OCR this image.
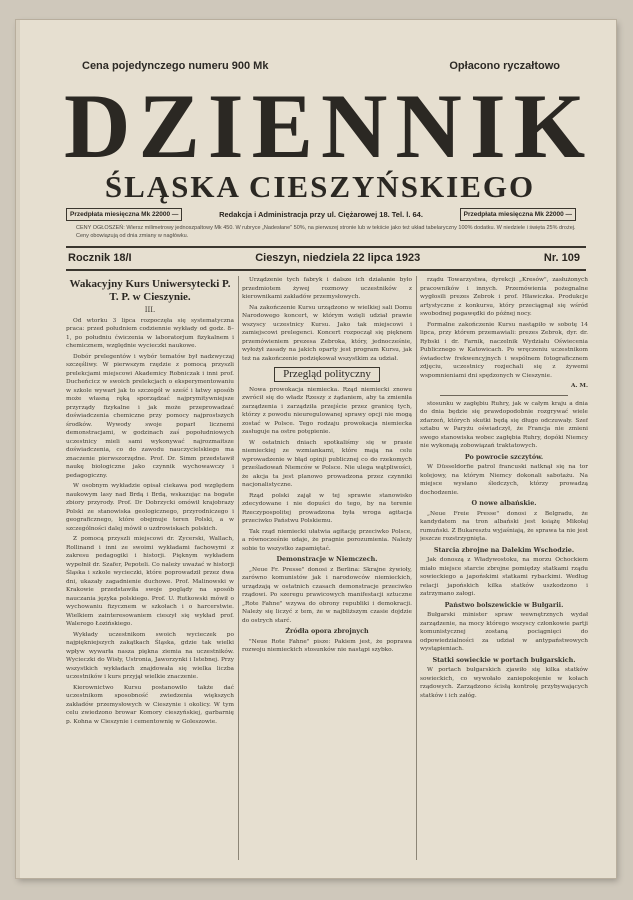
Cena pojedynczego numeru 900 Mk	Opłacono ryczałtowo
DZIENNIK
ŚLĄSKA CIESZYŃSKIEGO
Przedpłata miesięczna Mk 22000 —	Redakcja i Administracja przy ul. Ciężarowej 18. Tel. l. 64.	Przedpłata miesięczna Mk 22000 —
CENY OGŁOSZEŃ: Wiersz milimetrowy jednoszpaltowy Mk 450. W rubryce „Nadesłane" 50%, na pierwszej stronie lub w tekście jako też układ tabelaryczny 100% dodatku. W niedziele i święta 25% drożej. Ceny obowiązują od dnia zmiany w nagłówku.
Rocznik 18/I	Cieszyn, niedziela 22 lipca 1923	Nr. 109
Wakacyjny Kurs Uniwersytecki P. T. P. w Cieszynie.

III.

Od wtorku 3 lipca rozpoczęła się systematyczna praca: przed południem codziennie wykłady od godz. 8–1, po południu ćwiczenia w laboratorjum fizykalnem i chemicznem, względnie wycieczki naukowe.

Dobór prelegentów i wybór tematów był nadzwyczaj szczęśliwy. W pierwszym rzędzie z pomocą przyszli prelekcjami miejscowi Akademicy Robniczak i inni prof. Ducheńcicz w swoich prelekcjach o eksperymentowaniu w szkole wywarł jak to szczegół w sześć i łatwy sposób może własną ręką sporządzać najprymitywniejsze przyrządy fizykalne i jak może przeprowadzać doświadczenia chemiczne przy pomocy najprostszych środków. Wywody swoje poparł licznemi demonstracjami, w godzinach zaś popołudniowych uczestnicy mieli sami wykonywać najrozmaitsze doświadczenia, co do zawodu nauczycielskiego ma znaczenie pierwszorzędne. Prof. Dr. Simm przedstawił naukę biologiczne jako czynnik wychowawczy i pedagogiczny.

W osobnym wykładzie opisał ciekawa pod względem naukowym lasy nad Brdą i Brdą, wskazując na bogate zbiory przyrody. Prof. Dr Dobrzycki omówił krajobrazy Polski ze stanowiska geologicznego, przyrodniczego i geograficznego, które obejmuje teren Polski, a w szczególności dalej mówił o uzdrowiskach polskich.

Z pomocą przyszli miejscowi dr. Zycerski, Wallach, Rollinand i inni ze swoimi wykładami fachowymi z zakresu pedagogiki i historji. Pięknym wykładem wypełnił dr. Szafer, Pepoteli. Co należy uważać w historji Śląska i szkole wycieczki, które poprowadził przez dwa dni, ukazały zagadnienie duchowe. Prof. Malinowski w Krakowie przedstawiła swoje poglądy na sposób nauczania języka polskiego. Prof. U. Rutkowski mówił o wychowaniu fizycznem w szkołach i o harcerstwie. Wielkiem zainteresowaniem cieszył się wykład prof. Walerego Łozińskiego.

Wykłady uczestnikom swoich wycieczek po najpiękniejszych zakątkach Śląska, gdzie tak wielki wpływ wywarła nasza piękna ziemia na uczestników. Wycieczki do Wisły, Ustronia, Jaworzynki i Istebnej. Przy wszystkich wykładach znajdowała się wielka liczba uczestników i kurs przyjął wielkie znaczenie.

Kierownictwo Kursu postanowiło także dać uczestnikom sposobność zwiedzenia większych zakładów przemysłowych w Cieszynie i okolicy. W tym celu zwiedzono browar Komory cieszyńskiej, garbarnię p. Kohna w Cieszynie i cementownię w Goleszowie.

Urządzenie tych fabryk i dalsze ich działanie było przedmiotem żywej rozmowy uczestników z kierownikami zakładów przemysłowych.

Na zakończenie Kursu urządzono w wielkiej sali Domu Narodowego koncert, w którym wzięli udział prawie wszyscy uczestnicy Kursu. Jako tak miejscowi i zamiejscowi prelegenci. Koncert rozpoczął się pięknem przemówieniem prezesa Zebroka, który, jednocześnie, wyłożył zasady na jakich oparty jest program Kursu, jak też na zakończenie podziękował wszystkim za udział.

Przegląd polityczny

Nowa prowokacja niemiecka. Rząd niemiecki znowu zwrócił się do władz Rzeszy z żądaniem, aby ta zmieniła zarządzenia i zarządziła przejście przez granicę tych, którzy z powodu nieuregulowanej sprawy opcji nie mogą zostać w Polsce. Tego rodzaju prowokacja niemiecka zasługuje na ostre potępienie.

W ostatnich dniach spotkaliśmy się w prasie niemieckiej ze wzmiankami, które mają na celu wprowadzenie w błąd opinji publicznej co do rzekomych prześladowań Niemców w Polsce. Nie ulega wątpliwości, że akcja ta jest planowo prowadzona przez czynniki nacjonalistyczne.

Rząd polski zajął w tej sprawie stanowisko zdecydowane i nie dopuści do tego, by na terenie Rzeczypospolitej prowadzona była wroga agitacja przeciwko Państwu Polskiemu.

Tak rząd niemiecki ułatwia agitację przeciwko Polsce, a równocześnie udaje, że pragnie porozumienia. Należy sobie to wszystko zapamiętać.

Demonstracje w Niemczech.

„Neue Fr. Presse" donosi z Berlina: Skrajne żywioły, zarówno komunistów jak i narodowców niemieckich, urządzają w ostatnich czasach demonstracje przeciwko rządowi. Po szeregu prawicowych manifestacji sztuczne „Rote Fahne" wzywa do obrony republiki i demokracji. Należy się liczyć z tem, że w najbliższym czasie dojdzie do ostrych starć.

Źródła opora zbrojnych

"Neue Rote Fahne" pisze: Pakiem jest, że poprawa rozwoju niemieckich stosunków nie nastąpi szybko.

rządu Towarzystwa, dyrekcji „Kresów", zasłużonych pracowników i innych. Przemówienia pożegnalne wygłosili prezes Zebrok i prof. Hławiczka. Produkcje artystyczne z konkursu, który przeciągnął się wśród swobodnej pogawędki do późnej nocy.

Formalne zakończenie Kursu nastąpiło w sobotę 14 lipca, przy którem przemawiali: prezes Zebrok, dyr. dr. Rybski i dr. Farnik, naczelnik Wydziału Oświecenia Publicznego w Katowicach. Po wręczeniu uczestnikom świadectw frekwencyjnych i wspólnem fotograficznem zdjęciu, uczestnicy rozjechali się z żywemi wspomnieniami dni spędzonych w Cieszynie.

A. M.

stosunku w zagłębiu Ruhry, jak w całym kraju a dnia do dnia będzie się prawdopodobnie rozgrywać wiele zdarzeń, których skutki będą się długo odczuwały. Szef sztabu w Paryżu oświadczył, że Francja nie zmieni swego stanowiska wobec zagłębia Ruhry, dopóki Niemcy nie wykonają zobowiązań traktatowych.

Po powrocie szczytów.

W Düsseldorfie patrol francuski natknął się na tor kolejowy, na którym Niemcy dokonali sabotażu. Na miejsce wysłano śledczych, którzy prowadzą dochodzenie.

O nowe albańskie.

„Neue Freie Presse" donosi z Belgradu, że kandydatem na tron albański jest książę Mikołaj rumuński. Z Bukaresztu wyjaśniają, że sprawa ta nie jest jeszcze rozstrzygnięta.

Starcia zbrojne na Dalekim Wschodzie.

Jak donoszą z Władywostoku, na morzu Ochockiem miało miejsce starcie zbrojne pomiędzy statkami rządu sowieckiego a japońskimi statkami rybackimi. Według relacji japońskich kilka statków uszkodzono i zatrzymano załogi.

Państwo bolszewickie w Bułgarii.

Bułgarski minister spraw wewnętrznych wydał zarządzenie, na mocy którego wszyscy członkowie partji komunistycznej zostaną pociągnięci do odpowiedzialności za udział w antypaństwowych wystąpieniach.

Statki sowieckie w portach bułgarskich.

W portach bułgarskich zjawiło się kilka statków sowieckich, co wywołało zaniepokojenie w kołach rządowych. Zarządzono ścisłą kontrolę przybywających statków i ich załóg.
